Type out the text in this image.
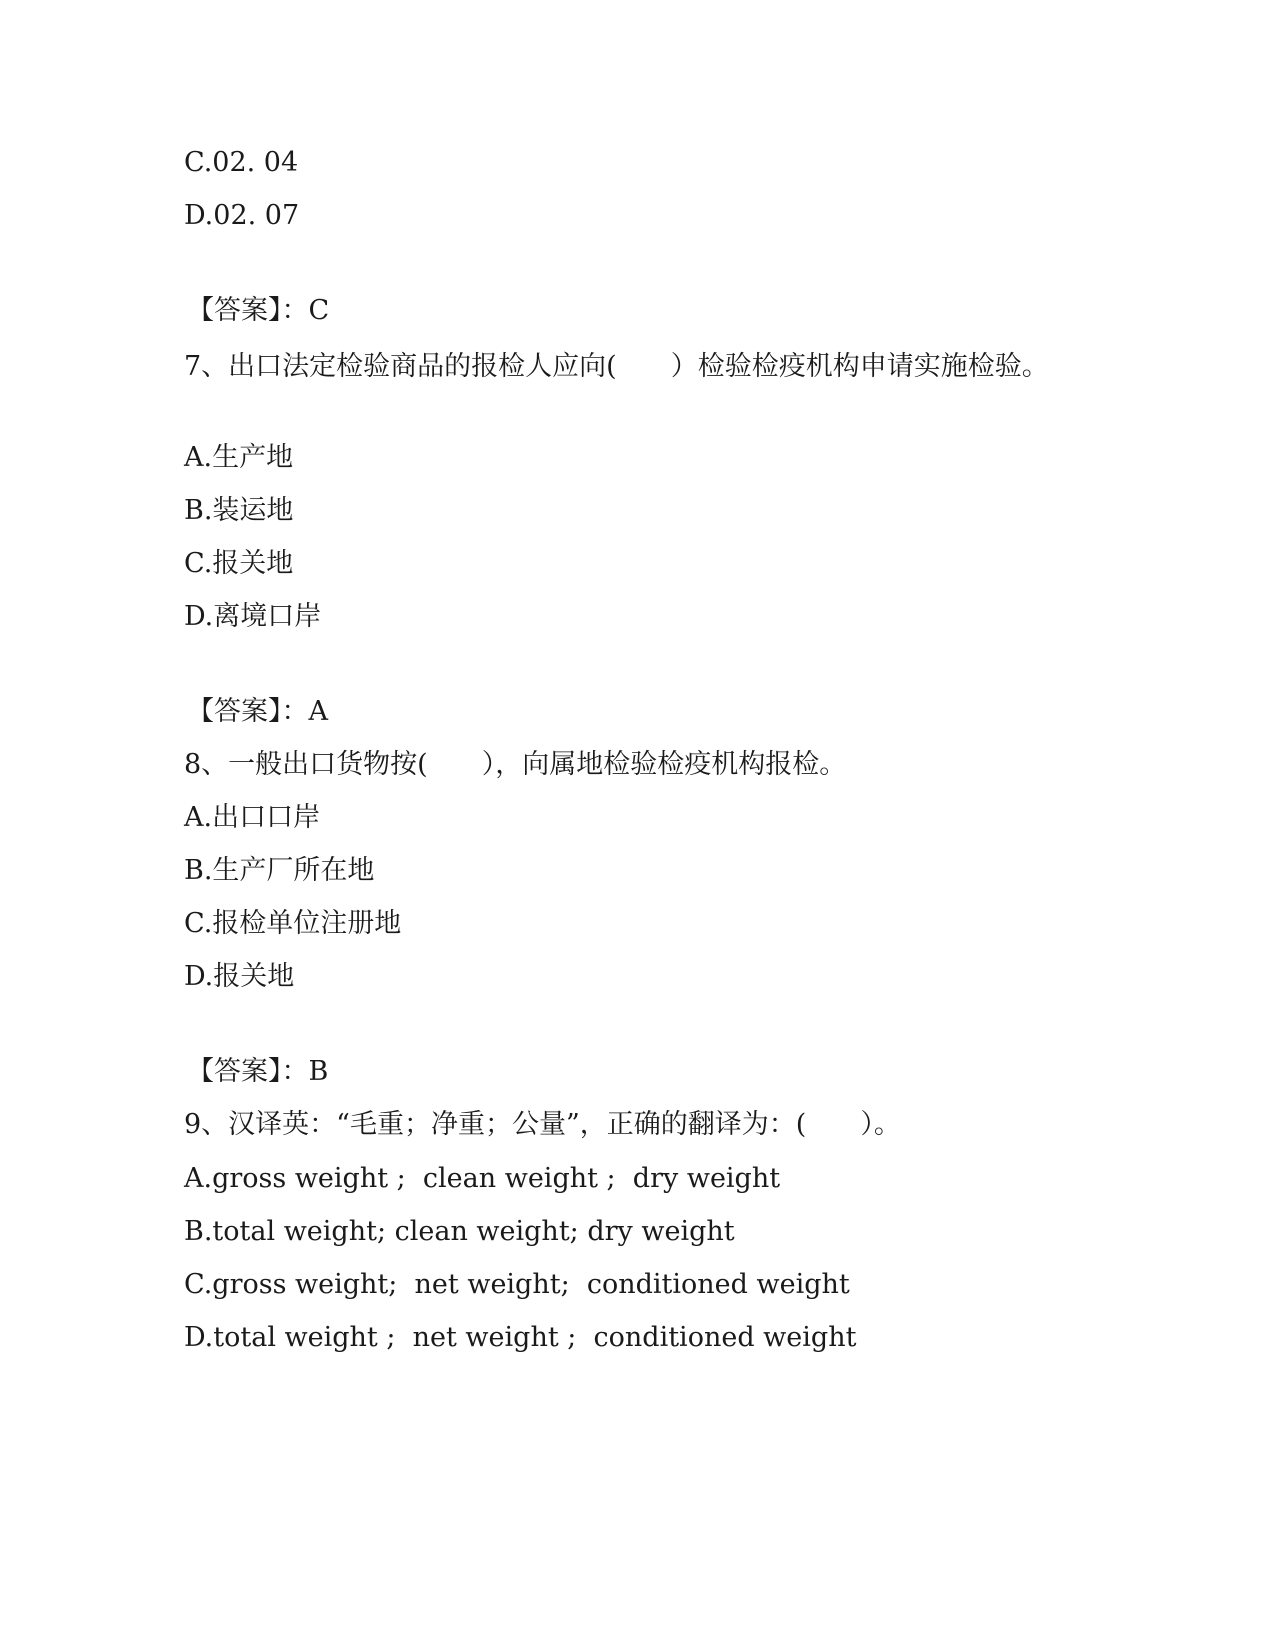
C.02. 04
D.02. 07
【答案】：C
7、出口法定检验商品的报检人应向(　　）检验检疫机构申请实施检验。
A.生产地
B.装运地
C.报关地
D.离境口岸
【答案】：A
8、一般出口货物按(　　），向属地检验检疫机构报检。
A.出口口岸
B.生产厂所在地
C.报检单位注册地
D.报关地
【答案】：B
9、汉译英：“毛重；净重；公量”，正确的翻译为：(　　）。
A.gross weight ;  clean weight ;  dry weight
B.total weight; clean weight; dry weight
C.gross weight;  net weight;  conditioned weight
D.total weight ;  net weight ;  conditioned weight
